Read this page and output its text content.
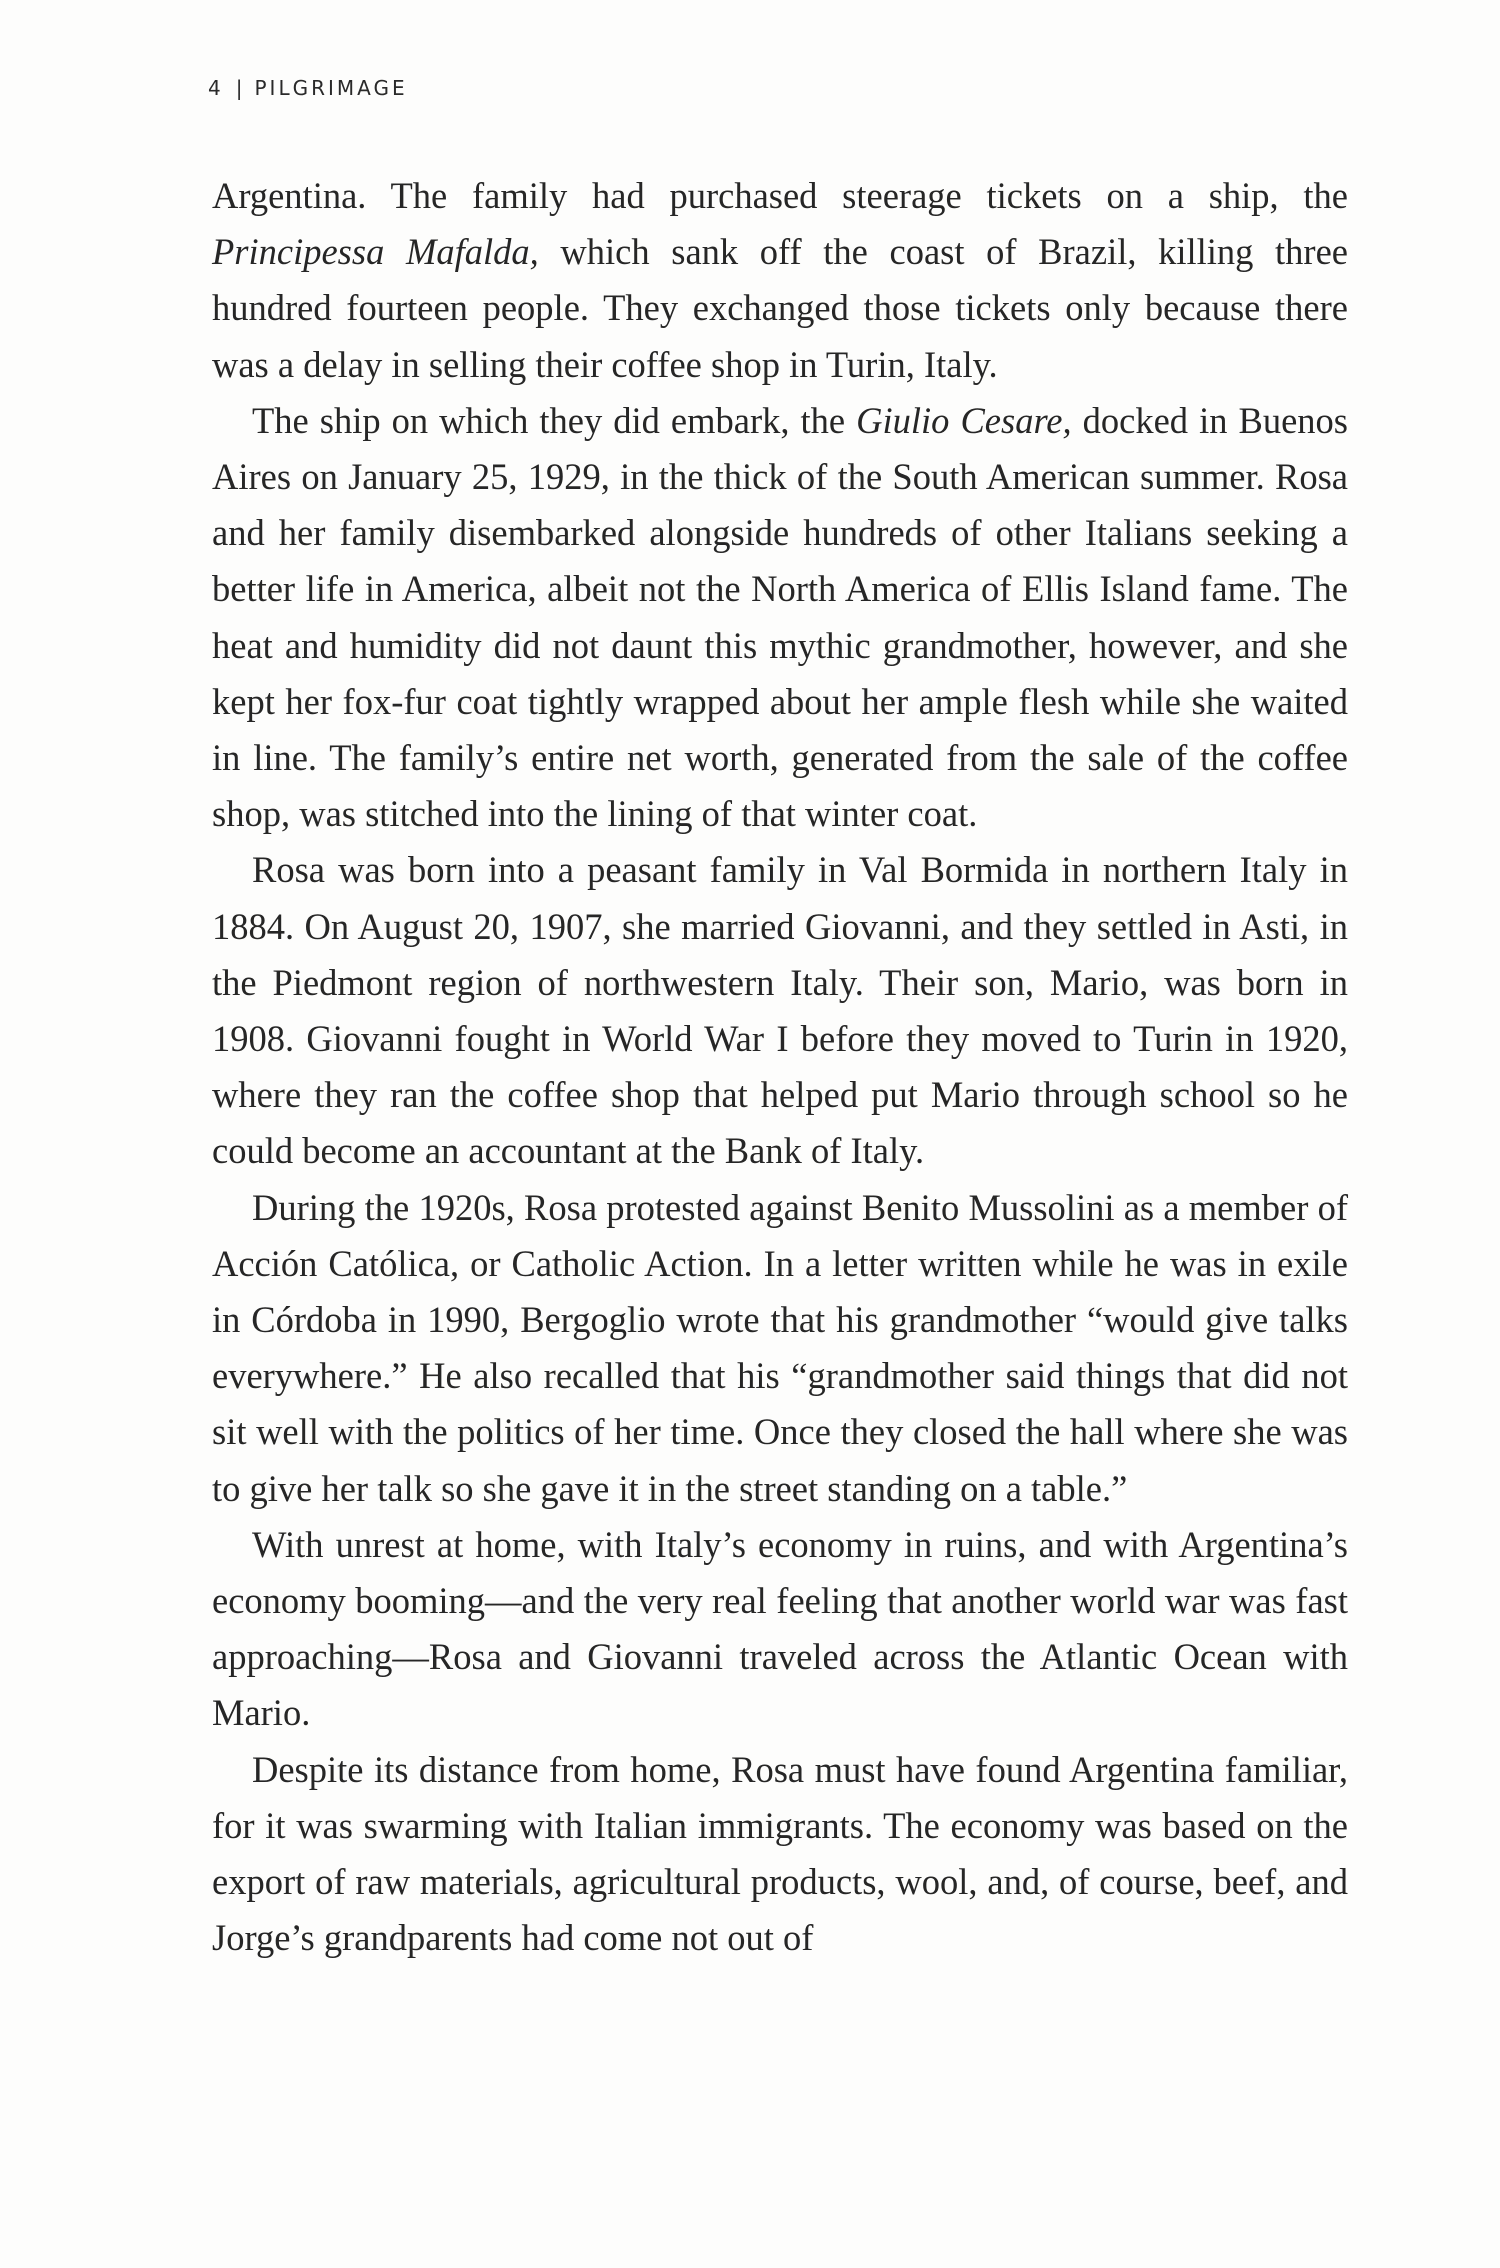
4 | PILGRIMAGE

Argentina. The family had purchased steerage tickets on a ship, the Principessa Mafalda, which sank off the coast of Brazil, killing three hundred fourteen people. They exchanged those tickets only because there was a delay in selling their coffee shop in Turin, Italy.

The ship on which they did embark, the Giulio Cesare, docked in Buenos Aires on January 25, 1929, in the thick of the South American summer. Rosa and her family disembarked alongside hundreds of other Italians seeking a better life in America, albeit not the North America of Ellis Island fame. The heat and humidity did not daunt this mythic grandmother, however, and she kept her fox-fur coat tightly wrapped about her ample flesh while she waited in line. The family’s entire net worth, generated from the sale of the coffee shop, was stitched into the lining of that winter coat.

Rosa was born into a peasant family in Val Bormida in northern Italy in 1884. On August 20, 1907, she married Giovanni, and they settled in Asti, in the Piedmont region of northwestern Italy. Their son, Mario, was born in 1908. Giovanni fought in World War I before they moved to Turin in 1920, where they ran the coffee shop that helped put Mario through school so he could become an accountant at the Bank of Italy.

During the 1920s, Rosa protested against Benito Mussolini as a member of Acción Católica, or Catholic Action. In a letter written while he was in exile in Córdoba in 1990, Bergoglio wrote that his grandmother “would give talks everywhere.” He also recalled that his “grandmother said things that did not sit well with the politics of her time. Once they closed the hall where she was to give her talk so she gave it in the street standing on a table.”

With unrest at home, with Italy’s economy in ruins, and with Argentina’s economy booming—and the very real feeling that another world war was fast approaching—Rosa and Giovanni traveled across the Atlantic Ocean with Mario.

Despite its distance from home, Rosa must have found Argentina familiar, for it was swarming with Italian immigrants. The economy was based on the export of raw materials, agricultural products, wool, and, of course, beef, and Jorge’s grandparents had come not out of
